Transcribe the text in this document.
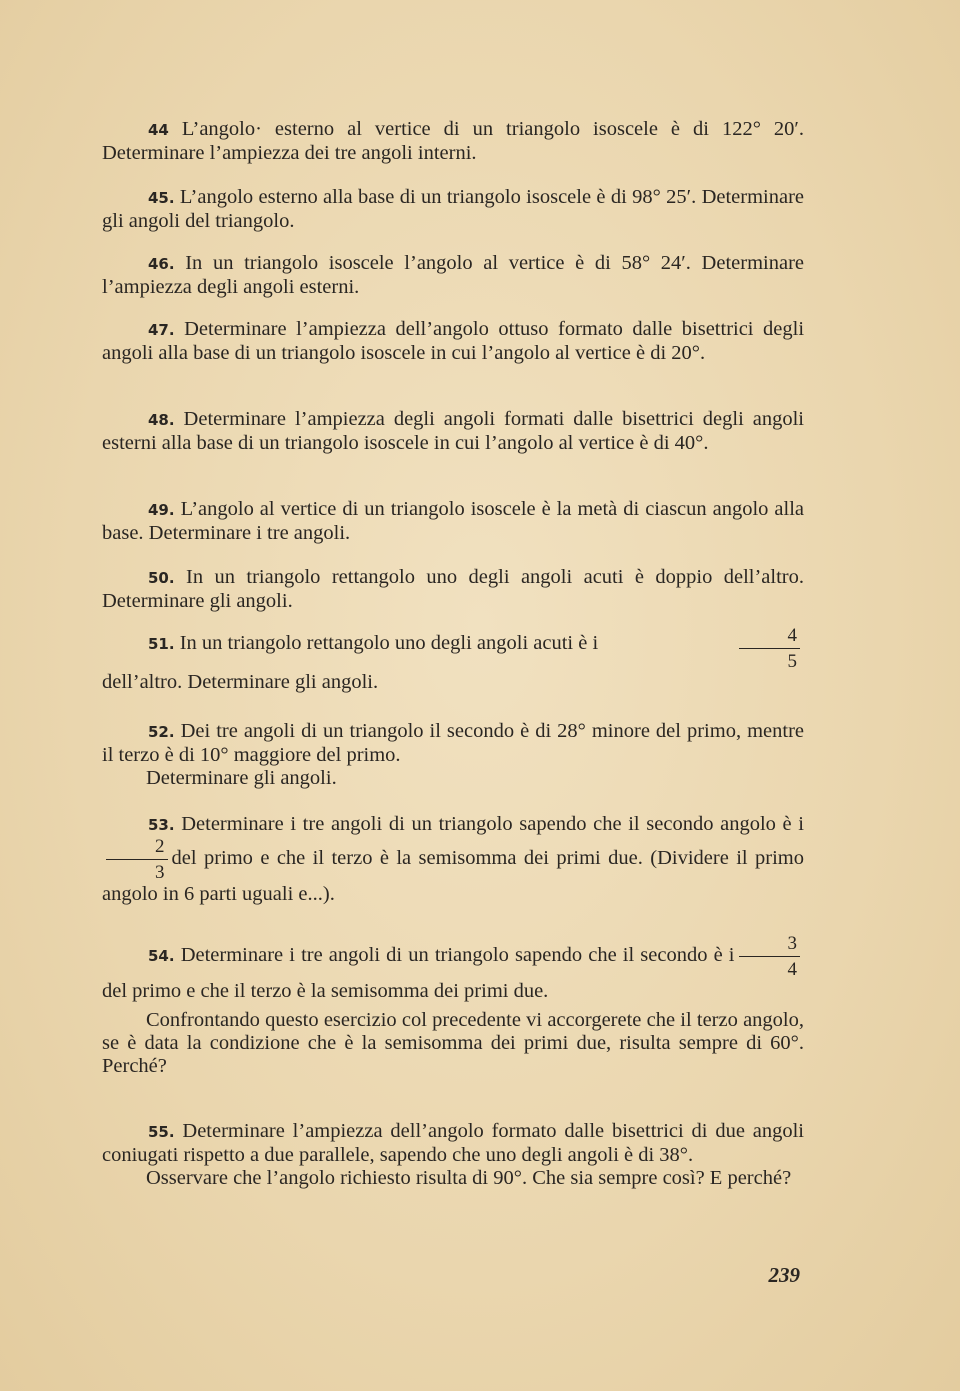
44 L’angolo· esterno al vertice di un triangolo isoscele è di 122° 20′. Determinare l’ampiezza dei tre angoli interni.

45. L’angolo esterno alla base di un triangolo isoscele è di 98° 25′. Determinare gli angoli del triangolo.

46. In un triangolo isoscele l’angolo al vertice è di 58° 24′. Determinare l’ampiezza degli angoli esterni.

47. Determinare l’ampiezza dell’angolo ottuso formato dalle bisettrici degli angoli alla base di un triangolo isoscele in cui l’angolo al vertice è di 20°.

48. Determinare l’ampiezza degli angoli formati dalle bisettrici degli angoli esterni alla base di un triangolo isoscele in cui l’angolo al vertice è di 40°.

49. L’angolo al vertice di un triangolo isoscele è la metà di ciascun angolo alla base. Determinare i tre angoli.

50. In un triangolo rettangolo uno degli angoli acuti è doppio dell’altro. Determinare gli angoli.

51. In un triangolo rettangolo uno degli angoli acuti è i	$\frac{4}{5}$

dell’altro. Determinare gli angoli.

52. Dei tre angoli di un triangolo il secondo è di 28° minore del primo, mentre il terzo è di 10° maggiore del primo.

Determinare gli angoli.

53. Determinare i tre angoli di un triangolo sapendo che il secondo angolo è i
$\frac{2}{3}$ del primo e che il terzo è la semisomma dei primi due. (Dividere il primo angolo in 6 parti uguali e...).

54. Determinare i tre angoli di un triangolo sapendo che il secondo è i $\frac{3}{4}$
del primo e che il terzo è la semisomma dei primi due.

Confrontando questo esercizio col precedente vi accorgerete che il terzo angolo, se è data la condizione che è la semisomma dei primi due, risulta sempre di 60°. Perché?

55. Determinare l’ampiezza dell’angolo formato dalle bisettrici di due angoli coniugati rispetto a due parallele, sapendo che uno degli angoli è di 38°.

Osservare che l’angolo richiesto risulta di 90°. Che sia sempre così? E perché?

239
